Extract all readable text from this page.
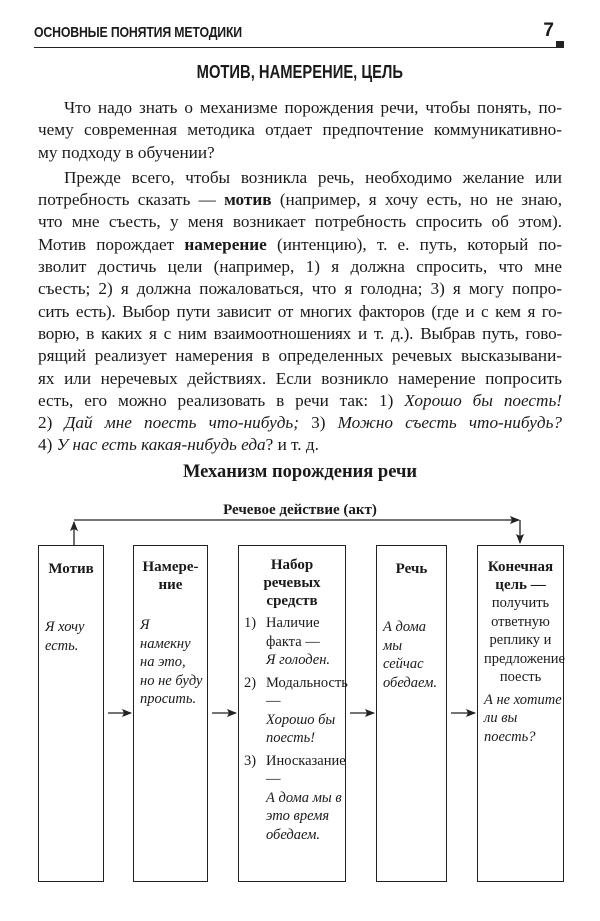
ОСНОВНЫЕ ПОНЯТИЯ МЕТОДИКИ	7
МОТИВ, НАМЕРЕНИЕ, ЦЕЛЬ
Что надо знать о механизме порождения речи, чтобы понять, по-
чему современная методика отдает предпочтение коммуникативно-
му подходу в обучении?
Прежде всего, чтобы возникла речь, необходимо желание или
потребность сказать — мотив (например, я хочу есть, но не знаю,
что мне съесть, у меня возникает потребность спросить об этом).
Мотив порождает намерение (интенцию), т. е. путь, который по-
зволит достичь цели (например, 1) я должна спросить, что мне
съесть; 2) я должна пожаловаться, что я голодна; 3) я могу попро-
сить есть). Выбор пути зависит от многих факторов (где и с кем я го-
ворю, в каких я с ним взаимоотношениях и т. д.). Выбрав путь, гово-
рящий реализует намерения в определенных речевых высказывани-
ях или неречевых действиях. Если возникло намерение попросить
есть, его можно реализовать в речи так: 1) Хорошо бы поесть!
2) Дай мне поесть что-нибудь; 3) Можно съесть что-нибудь?
4) У нас есть какая-нибудь еда? и т. д.
Механизм порождения речи
Речевое действие (акт)
Мотив
Я хочу есть.
Намере-
ние
Я намекну на это, но не буду просить.
Набор
речевых
средств
1) Наличие факта —
Я голоден.
2) Модальность —
Хорошо бы поесть!
3) Иносказание —
А дома мы в это время обедаем.
Речь
А дома мы сейчас обедаем.
Конечная
цель —
получить ответную реплику и предложение поесть
А не хотите ли вы поесть?
